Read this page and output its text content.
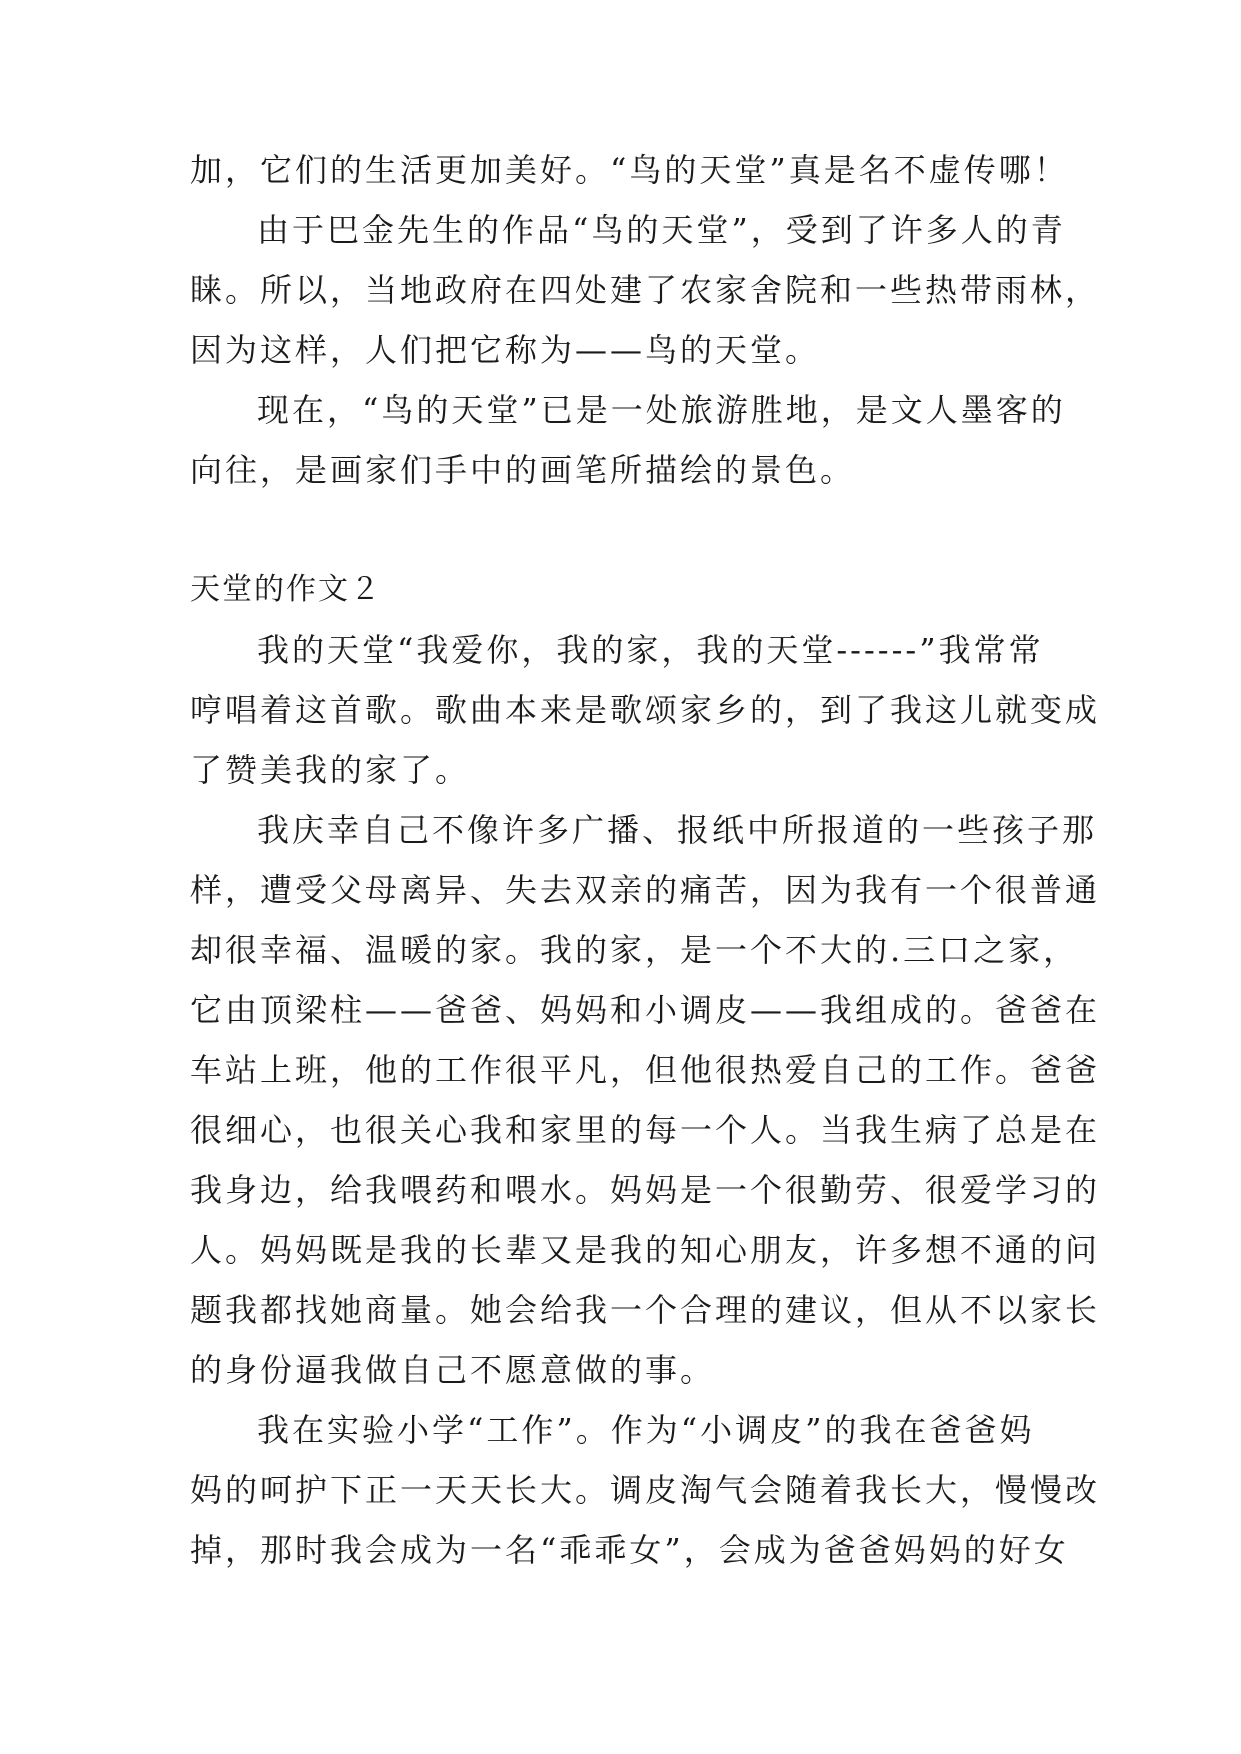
加，它们的生活更加美好。“鸟的天堂”真是名不虚传哪！
由于巴金先生的作品“鸟的天堂”，受到了许多人的青
睐。所以，当地政府在四处建了农家舍院和一些热带雨林，
因为这样，人们把它称为——鸟的天堂。
现在，“鸟的天堂”已是一处旅游胜地，是文人墨客的
向往，是画家们手中的画笔所描绘的景色。
天堂的作文２
我的天堂“我爱你，我的家，我的天堂------”我常常
哼唱着这首歌。歌曲本来是歌颂家乡的，到了我这儿就变成
了赞美我的家了。
我庆幸自己不像许多广播、报纸中所报道的一些孩子那
样，遭受父母离异、失去双亲的痛苦，因为我有一个很普通
却很幸福、温暖的家。我的家，是一个不大的.三口之家，
它由顶梁柱——爸爸、妈妈和小调皮——我组成的。爸爸在
车站上班，他的工作很平凡，但他很热爱自己的工作。爸爸
很细心，也很关心我和家里的每一个人。当我生病了总是在
我身边，给我喂药和喂水。妈妈是一个很勤劳、很爱学习的
人。妈妈既是我的长辈又是我的知心朋友，许多想不通的问
题我都找她商量。她会给我一个合理的建议，但从不以家长
的身份逼我做自己不愿意做的事。
我在实验小学“工作”。作为“小调皮”的我在爸爸妈
妈的呵护下正一天天长大。调皮淘气会随着我长大，慢慢改
掉，那时我会成为一名“乖乖女”，会成为爸爸妈妈的好女
